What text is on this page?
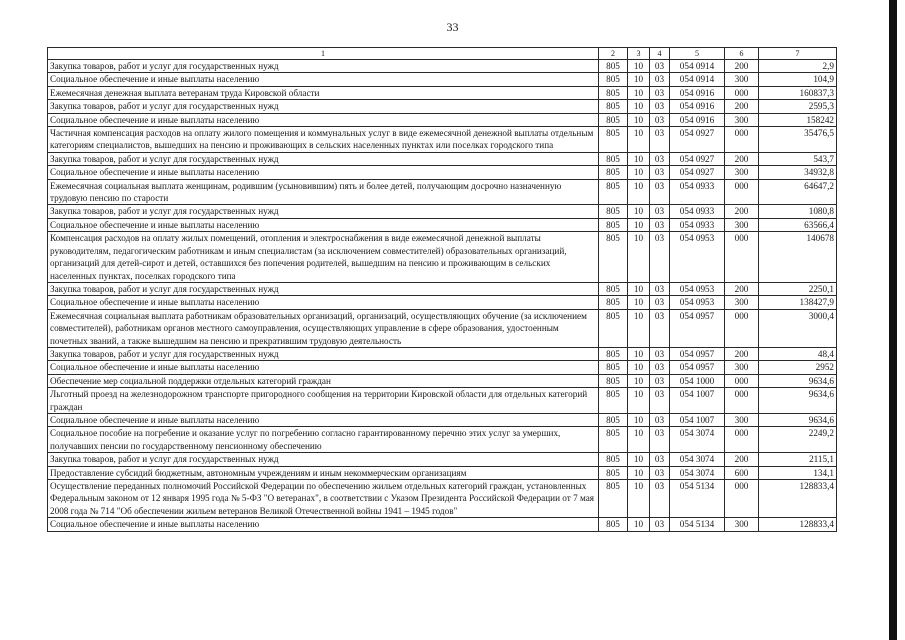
33
1	2	3	4	5	6	7
Закупка товаров, работ и услуг для государственных нужд	805	10	03	054 0914	200	2,9
Социальное обеспечение и иные выплаты населению	805	10	03	054 0914	300	104,9
Ежемесячная денежная выплата ветеранам труда Кировской области	805	10	03	054 0916	000	160837,3
Закупка товаров, работ и услуг для государственных нужд	805	10	03	054 0916	200	2595,3
Социальное обеспечение и иные выплаты населению	805	10	03	054 0916	300	158242
Частичная компенсация расходов на оплату жилого помещения и коммунальных услуг в виде ежемесячной денежной выплаты отдельным категориям специалистов, вышедших на пенсию и проживающих в сельских населенных пунктах или поселках городского типа	805	10	03	054 0927	000	35476,5
Закупка товаров, работ и услуг для государственных нужд	805	10	03	054 0927	200	543,7
Социальное обеспечение и иные выплаты населению	805	10	03	054 0927	300	34932,8
Ежемесячная социальная выплата женщинам, родившим (усыновившим) пять и более детей, получающим досрочно назначенную трудовую пенсию по старости	805	10	03	054 0933	000	64647,2
Закупка товаров, работ и услуг для государственных нужд	805	10	03	054 0933	200	1080,8
Социальное обеспечение и иные выплаты населению	805	10	03	054 0933	300	63566,4
Компенсация расходов на оплату жилых помещений, отопления и электроснабжения в виде ежемесячной денежной выплаты руководителям, педагогическим работникам и иным специалистам (за исключением совместителей) образовательных организаций, организаций для детей-сирот и детей, оставшихся без попечения родителей, вышедшим на пенсию и проживающим в сельских населенных пунктах, поселках городского типа	805	10	03	054 0953	000	140678
Закупка товаров, работ и услуг для государственных нужд	805	10	03	054 0953	200	2250,1
Социальное обеспечение и иные выплаты населению	805	10	03	054 0953	300	138427,9
Ежемесячная социальная выплата работникам образовательных организаций, организаций, осуществляющих обучение (за исключением совместителей), работникам органов местного самоуправления, осуществляющих управление в сфере образования, удостоенным почетных званий, а также вышедшим на пенсию и прекратившим трудовую деятельность	805	10	03	054 0957	000	3000,4
Закупка товаров, работ и услуг для государственных нужд	805	10	03	054 0957	200	48,4
Социальное обеспечение и иные выплаты населению	805	10	03	054 0957	300	2952
Обеспечение мер социальной поддержки отдельных категорий граждан	805	10	03	054 1000	000	9634,6
Льготный проезд на железнодорожном транспорте пригородного сообщения на территории Кировской области для отдельных категорий граждан	805	10	03	054 1007	000	9634,6
Социальное обеспечение и иные выплаты населению	805	10	03	054 1007	300	9634,6
Социальное пособие на погребение и оказание услуг по погребению согласно гарантированному перечню этих услуг за умерших, получавших пенсии по государственному пенсионному обеспечению	805	10	03	054 3074	000	2249,2
Закупка товаров, работ и услуг для государственных нужд	805	10	03	054 3074	200	2115,1
Предоставление субсидий бюджетным, автономным учреждениям и иным некоммерческим организациям	805	10	03	054 3074	600	134,1
Осуществление переданных полномочий Российской Федерации по обеспечению жильем отдельных категорий граждан, установленных Федеральным законом от 12 января 1995 года № 5-ФЗ "О ветеранах", в соответствии с Указом Президента Российской Федерации от 7 мая 2008 года № 714 "Об обеспечении жильем ветеранов Великой Отечественной войны 1941 – 1945 годов"	805	10	03	054 5134	000	128833,4
Социальное обеспечение и иные выплаты населению	805	10	03	054 5134	300	128833,4
